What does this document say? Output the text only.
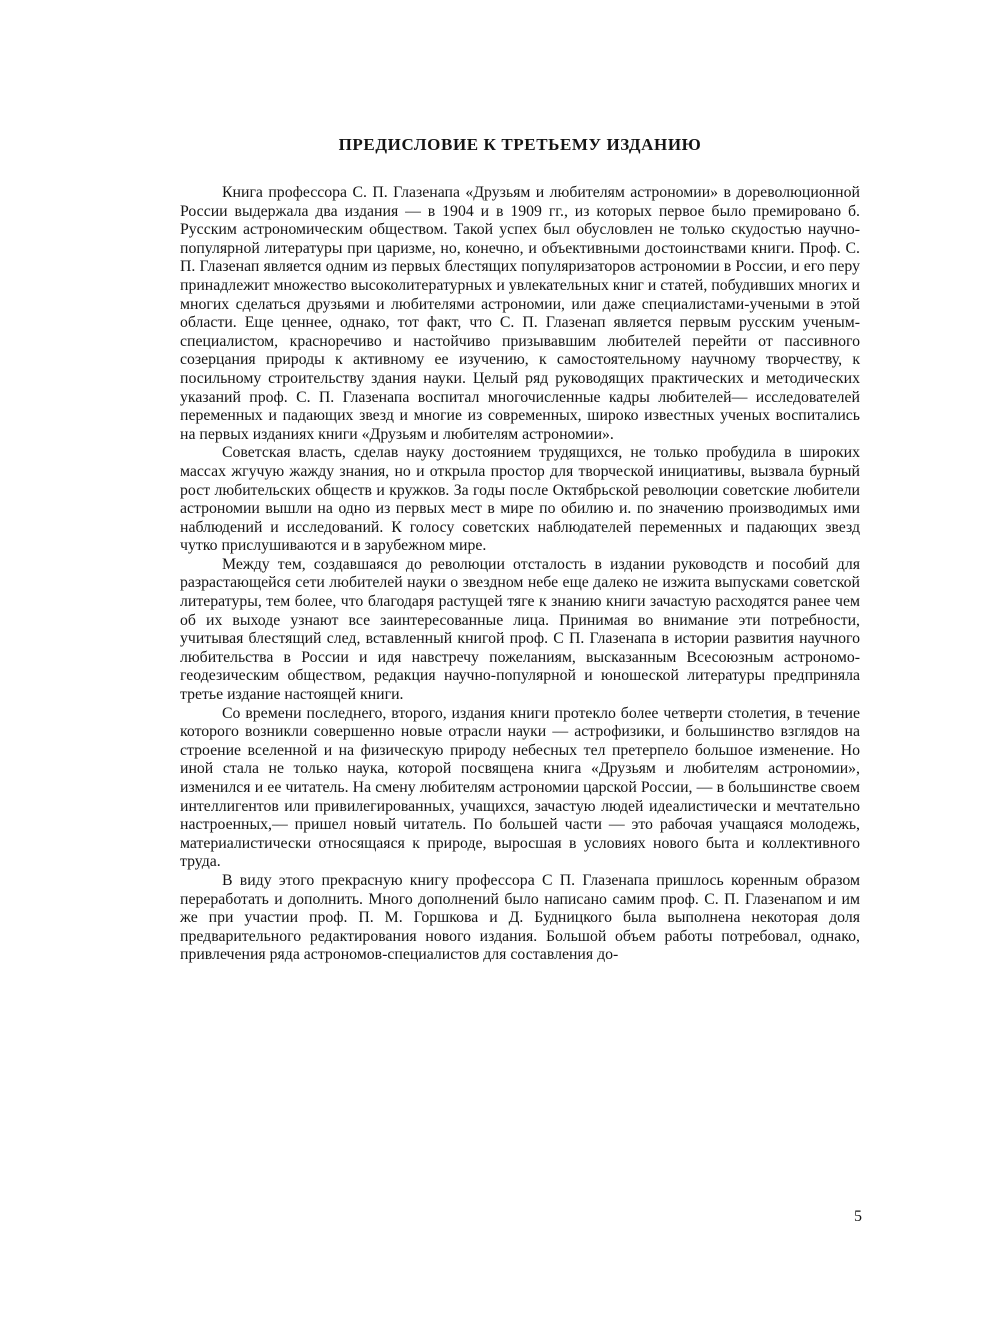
ПРЕДИСЛОВИЕ К ТРЕТЬЕМУ ИЗДАНИЮ

Книга профессора С. П. Глазенапа «Друзьям и любителям астрономии» в дореволюционной России выдержала два издания — в 1904 и в 1909 гг., из которых первое было премировано б. Русским астрономическим обществом. Такой успех был обусловлен не только скудостью научно-популярной литературы при царизме, но, конечно, и объективными достоинствами книги. Проф. С. П. Глазенап является одним из первых блестящих популяризаторов астрономии в России, и его перу принадлежит множество высоколитературных и увлекательных книг и статей, побудивших многих и многих сделаться друзьями и любителями астрономии, или даже специалистами-учеными в этой области. Еще ценнее, однако, тот факт, что С. П. Глазенап является первым русским ученым-специалистом, красноречиво и настойчиво призывавшим любителей перейти от пассивного созерцания природы к активному ее изучению, к самостоятельному научному творчеству, к посильному строительству здания науки. Целый ряд руководящих практических и методических указаний проф. С. П. Глазенапа воспитал многочисленные кадры любителей— исследователей переменных и падающих звезд и многие из современных, широко известных ученых воспитались на первых изданиях книги «Друзьям и любителям астрономии».

Советская власть, сделав науку достоянием трудящихся, не только пробудила в широких массах жгучую жажду знания, но и открыла простор для творческой инициативы, вызвала бурный рост любительских обществ и кружков. За годы после Октябрьской революции советские любители астрономии вышли на одно из первых мест в мире по обилию и. по значению производимых ими наблюдений и исследований. К голосу советских наблюдателей переменных и падающих звезд чутко прислушиваются и в зарубежном мире.

Между тем, создавшаяся до революции отсталость в издании руководств и пособий для разрастающейся сети любителей науки о звездном небе еще далеко не изжита выпусками советской литературы, тем более, что благодаря растущей тяге к знанию книги зачастую расходятся ранее чем об их выходе узнают все заинтересованные лица. Принимая во внимание эти потребности, учитывая блестящий след, вставленный книгой проф. С П. Глазенапа в истории развития научного любительства в России и идя навстречу пожеланиям, высказанным Всесоюзным астрономо-геодезическим обществом, редакция научно-популярной и юношеской литературы предприняла третье издание настоящей книги.

Со времени последнего, второго, издания книги протекло более четверти столетия, в течение которого возникли совершенно новые отрасли науки — астрофизики, и большинство взглядов на строение вселенной и на физическую природу небесных тел претерпело большое изменение. Но иной стала не только наука, которой посвящена книга «Друзьям и любителям астрономии», изменился и ее читатель. На смену любителям астрономии царской России, — в большинстве своем интеллигентов или привилегированных, учащихся, зачастую людей идеалистически и мечтательно настроенных,— пришел новый читатель. По большей части — это рабочая учащаяся молодежь, материалистически относящаяся к природе, выросшая в условиях нового быта и коллективного труда.

В виду этого прекрасную книгу профессора С П. Глазенапа пришлось коренным образом переработать и дополнить. Много дополнений было написано самим проф. С. П. Глазенапом и им же при участии проф. П. М. Горшкова и Д. Будницкого была выполнена некоторая доля предварительного редактирования нового издания. Большой объем работы потребовал, однако, привлечения ряда астрономов-специалистов для составления до-

5
